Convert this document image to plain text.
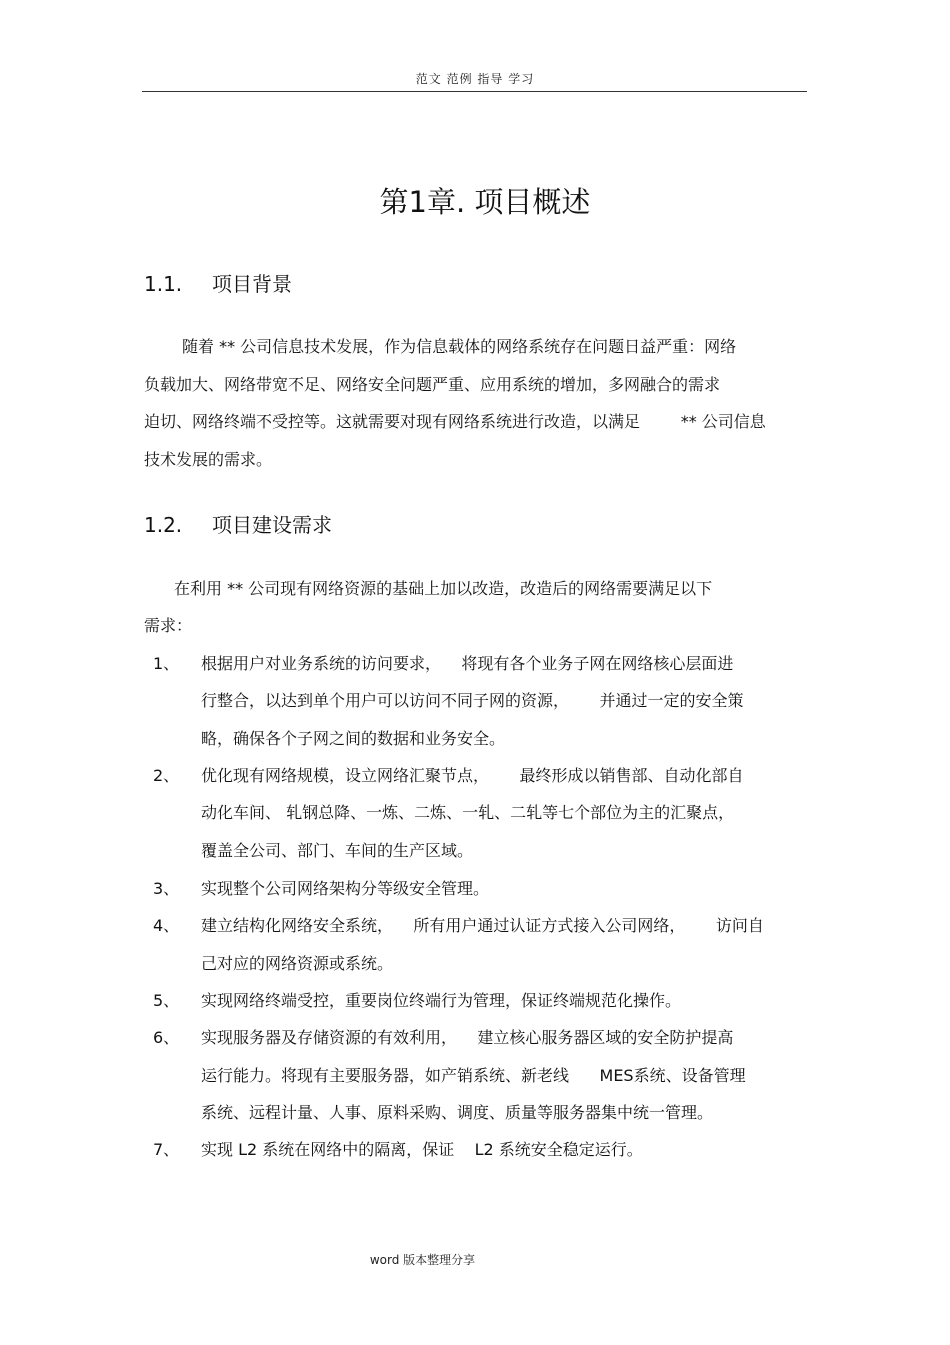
范文 范例 指导 学习
第1章. 项目概述
1.1. 项目背景
随着 ** 公司信息技术发展，作为信息载体的网络系统存在问题日益严重：网络
负载加大、网络带宽不足、网络安全问题严重、应用系统的增加，多网融合的需求
迫切、网络终端不受控等。这就需要对现有网络系统进行改造，以满足        ** 公司信息
技术发展的需求。
1.2. 项目建设需求
在利用 ** 公司现有网络资源的基础上加以改造，改造后的网络需要满足以下
需求：
1、 根据用户对业务系统的访问要求，    将现有各个业务子网在网络核心层面进
行整合，以达到单个用户可以访问不同子网的资源，      并通过一定的安全策
略，确保各个子网之间的数据和业务安全。
2、 优化现有网络规模，设立网络汇聚节点，      最终形成以销售部、自动化部自
动化车间、 轧钢总降、一炼、二炼、一轧、二轧等七个部位为主的汇聚点，
覆盖全公司、部门、车间的生产区域。
3、 实现整个公司网络架构分等级安全管理。
4、 建立结构化网络安全系统，    所有用户通过认证方式接入公司网络，      访问自
己对应的网络资源或系统。
5、 实现网络终端受控，重要岗位终端行为管理，保证终端规范化操作。
6、 实现服务器及存储资源的有效利用，    建立核心服务器区域的安全防护提高
运行能力。将现有主要服务器，如产销系统、新老线      MES系统、设备管理
系统、远程计量、人事、原料采购、调度、质量等服务器集中统一管理。
7、 实现 L2 系统在网络中的隔离，保证    L2 系统安全稳定运行。
word 版本整理分享
